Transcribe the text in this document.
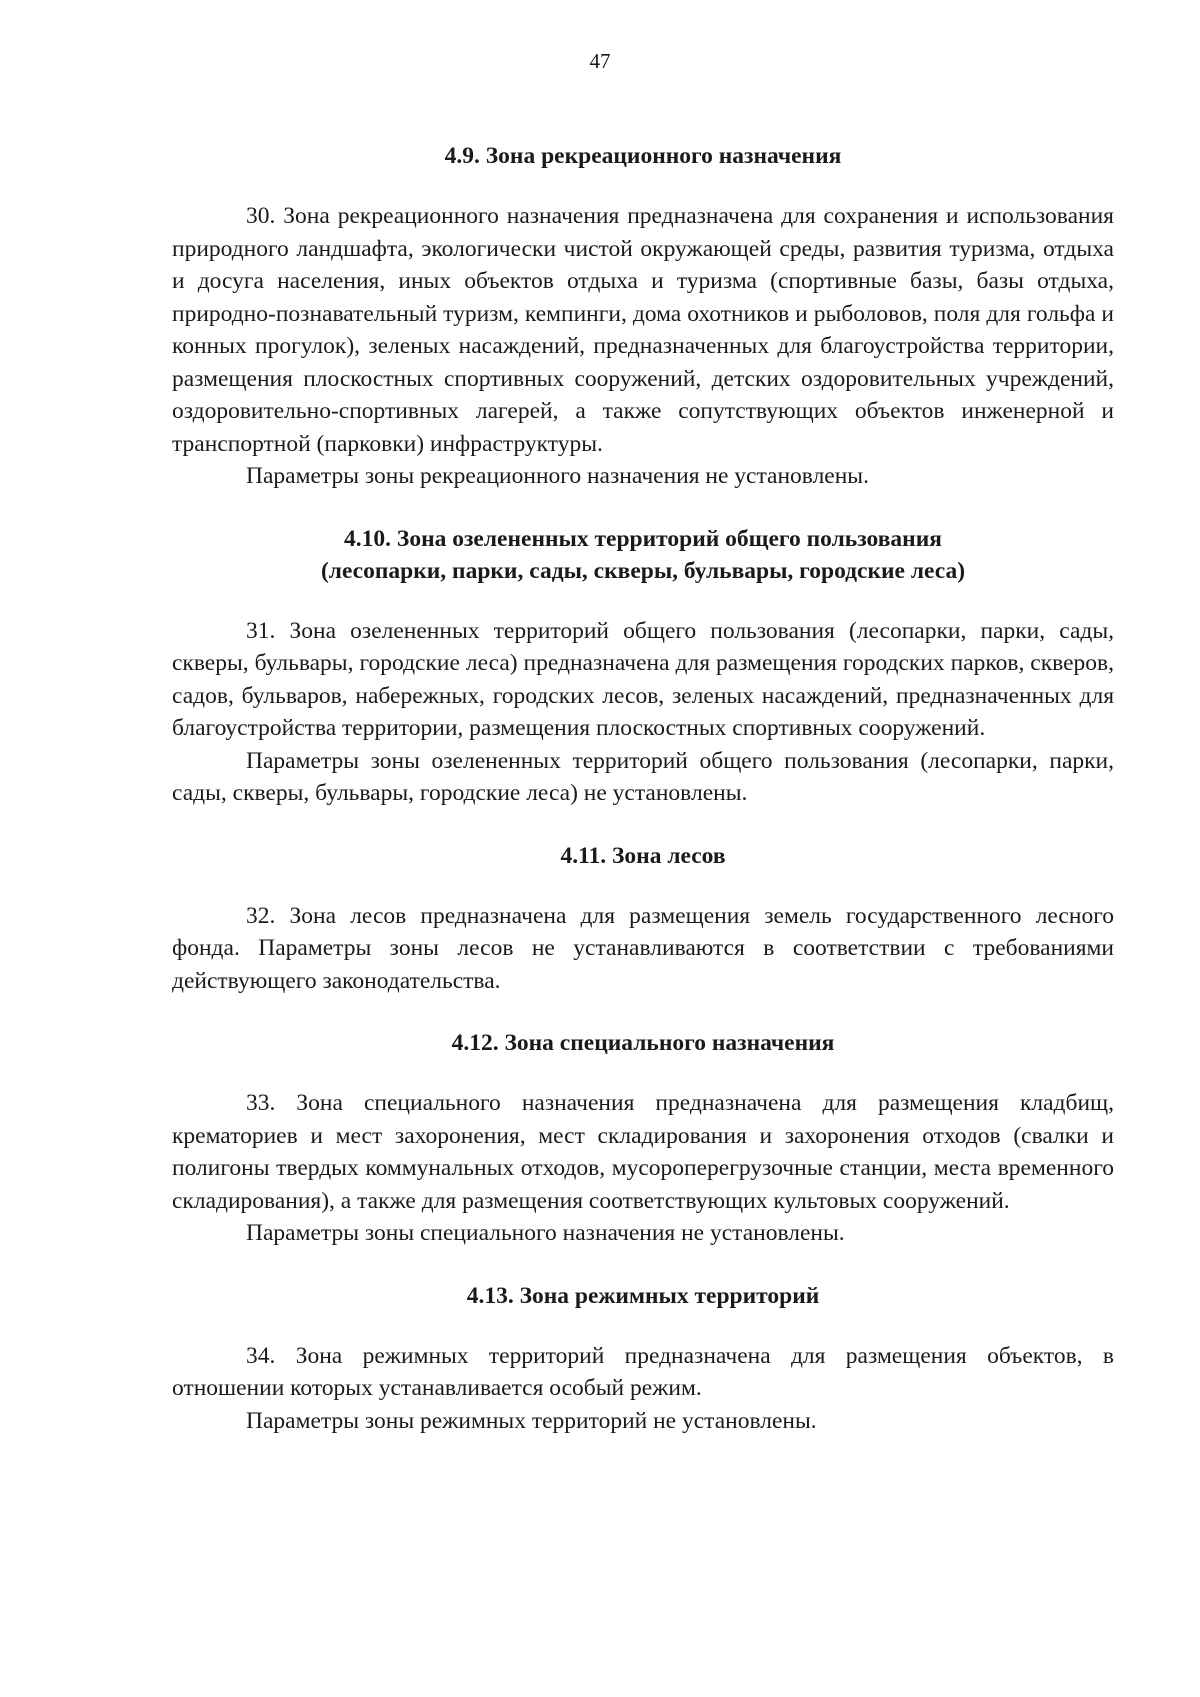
47
4.9. Зона рекреационного назначения

30. Зона рекреационного назначения предназначена для сохранения и использования природного ландшафта, экологически чистой окружающей среды, развития туризма, отдыха и досуга населения, иных объектов отдыха и туризма (спортивные базы, базы отдыха, природно-познавательный туризм, кемпинги, дома охотников и рыболовов, поля для гольфа и конных прогулок), зеленых насаждений, предназначенных для благоустройства территории, размещения плоскостных спортивных сооружений, детских оздоровительных учреждений, оздоровительно-спортивных лагерей, а также сопутствующих объектов инженерной и транспортной (парковки) инфраструктуры.

Параметры зоны рекреационного назначения не установлены.

4.10. Зона озелененных территорий общего пользования
(лесопарки, парки, сады, скверы, бульвары, городские леса)

31. Зона озелененных территорий общего пользования (лесопарки, парки, сады, скверы, бульвары, городские леса) предназначена для размещения городских парков, скверов, садов, бульваров, набережных, городских лесов, зеленых насаждений, предназначенных для благоустройства территории, размещения плоскостных спортивных сооружений.

Параметры зоны озелененных территорий общего пользования (лесопарки, парки, сады, скверы, бульвары, городские леса) не установлены.

4.11. Зона лесов

32. Зона лесов предназначена для размещения земель государственного лесного фонда. Параметры зоны лесов не устанавливаются в соответствии с требованиями действующего законодательства.

4.12. Зона специального назначения

33. Зона специального назначения предназначена для размещения кладбищ, крематориев и мест захоронения, мест складирования и захоронения отходов (свалки и полигоны твердых коммунальных отходов, мусороперегрузочные станции, места временного складирования), а также для размещения соответствующих культовых сооружений.

Параметры зоны специального назначения не установлены.

4.13. Зона режимных территорий

34. Зона режимных территорий предназначена для размещения объектов, в отношении которых устанавливается особый режим.

Параметры зоны режимных территорий не установлены.
